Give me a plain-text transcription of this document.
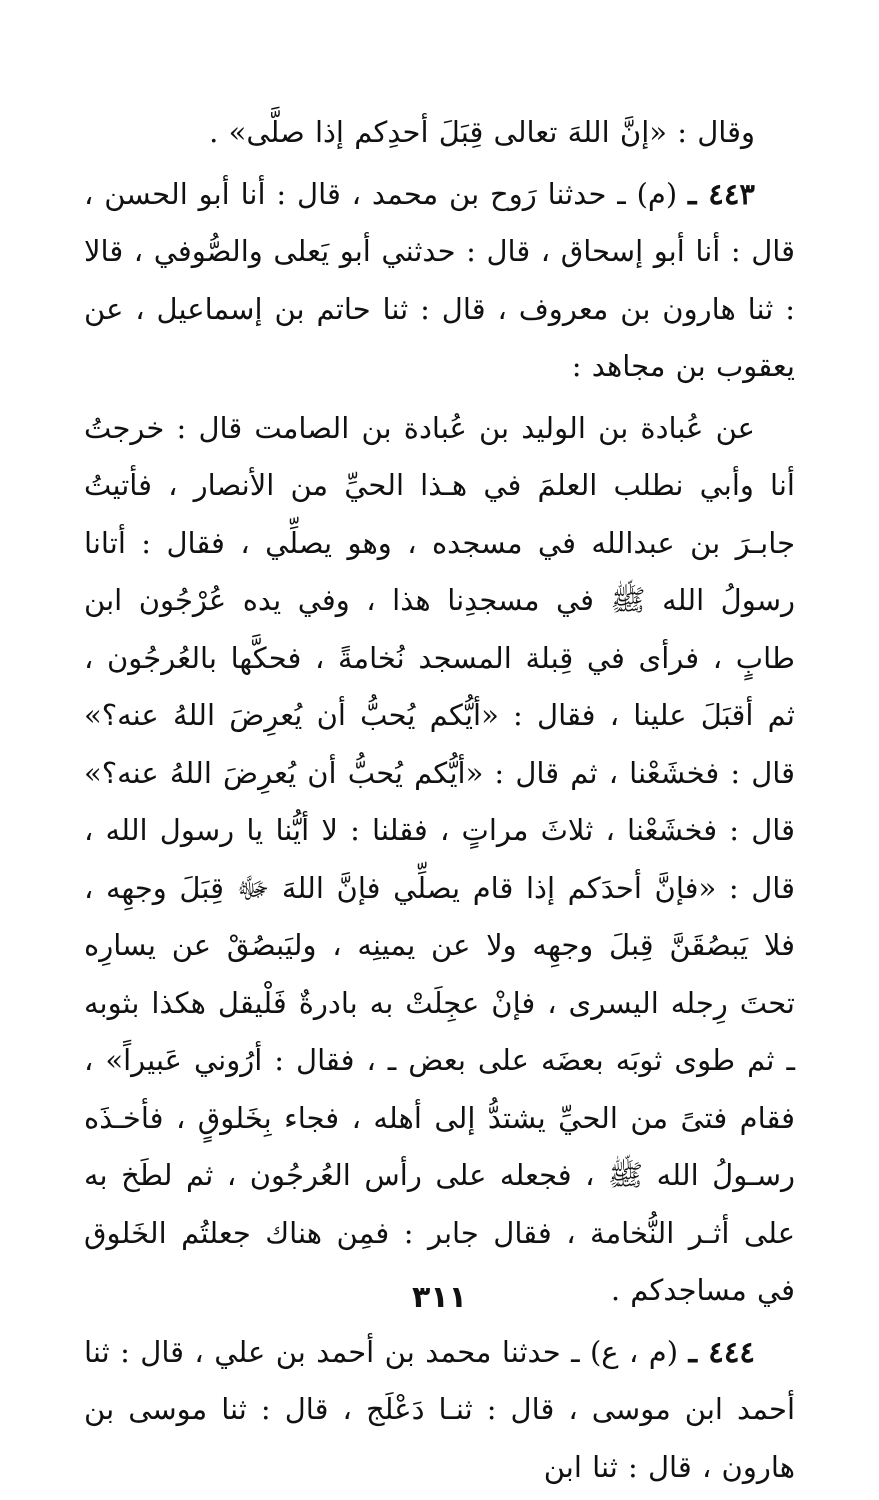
وقال : «إنَّ اللهَ تعالى قِبَلَ أحدِكم إذا صلَّى» .

٤٤٣ ـ (م) ـ حدثنا رَوح بن محمد ، قال : أنا أبو الحسن ، قال : أنا أبو إسحاق ، قال : حدثني أبو يَعلى والصُّوفي ، قالا : ثنا هارون بن معروف ، قال : ثنا حاتم بن إسماعيل ، عن يعقوب بن مجاهد :

عن عُبادة بن الوليد بن عُبادة بن الصامت قال : خرجتُ أنا وأبي نطلب العلمَ في هـذا الحيِّ من الأنصار ، فأتيتُ جابـرَ بن عبدالله في مسجده ، وهو يصلِّي ، فقال : أتانا رسولُ الله ﷺ في مسجدِنا هذا ، وفي يده عُرْجُون ابن طابٍ ، فرأى في قِبلة المسجد نُخامةً ، فحكَّها بالعُرجُون ، ثم أقبَلَ علينا ، فقال : «أيُّكم يُحبُّ أن يُعرِضَ اللهُ عنه؟» قال : فخشَعْنا ، ثم قال : «أيُّكم يُحبُّ أن يُعرِضَ اللهُ عنه؟» قال : فخشَعْنا ، ثلاثَ مراتٍ ، فقلنا : لا أيُّنا يا رسول الله ، قال : «فإنَّ أحدَكم إذا قام يصلِّي فإنَّ اللهَ ﷻ قِبَلَ وجهِه ، فلا يَبصُقَنَّ قِبلَ وجهِه ولا عن يمينِه ، وليَبصُقْ عن يسارِه تحتَ رِجله اليسرى ، فإنْ عجِلَتْ به بادرةٌ فَلْيقل هكذا بثوبه ـ ثم طوى ثوبَه بعضَه على بعض ـ ، فقال : أرُوني عَبيراً» ، فقام فتىً من الحيِّ يشتدُّ إلى أهله ، فجاء بِخَلوقٍ ، فأخـذَه رسـولُ الله ﷺ ، فجعله على رأس العُرجُون ، ثم لطَخ به على أثـر النُّخامة ، فقال جابر : فمِن هناك جعلتُم الخَلوق في مساجدكم .

٤٤٤ ـ (م ، ع) ـ حدثنا محمد بن أحمد بن علي ، قال : ثنا أحمد ابن موسى ، قال : ثنـا دَعْلَج ، قال : ثنا موسى بن هارون ، قال : ثنا ابن

٣١١
